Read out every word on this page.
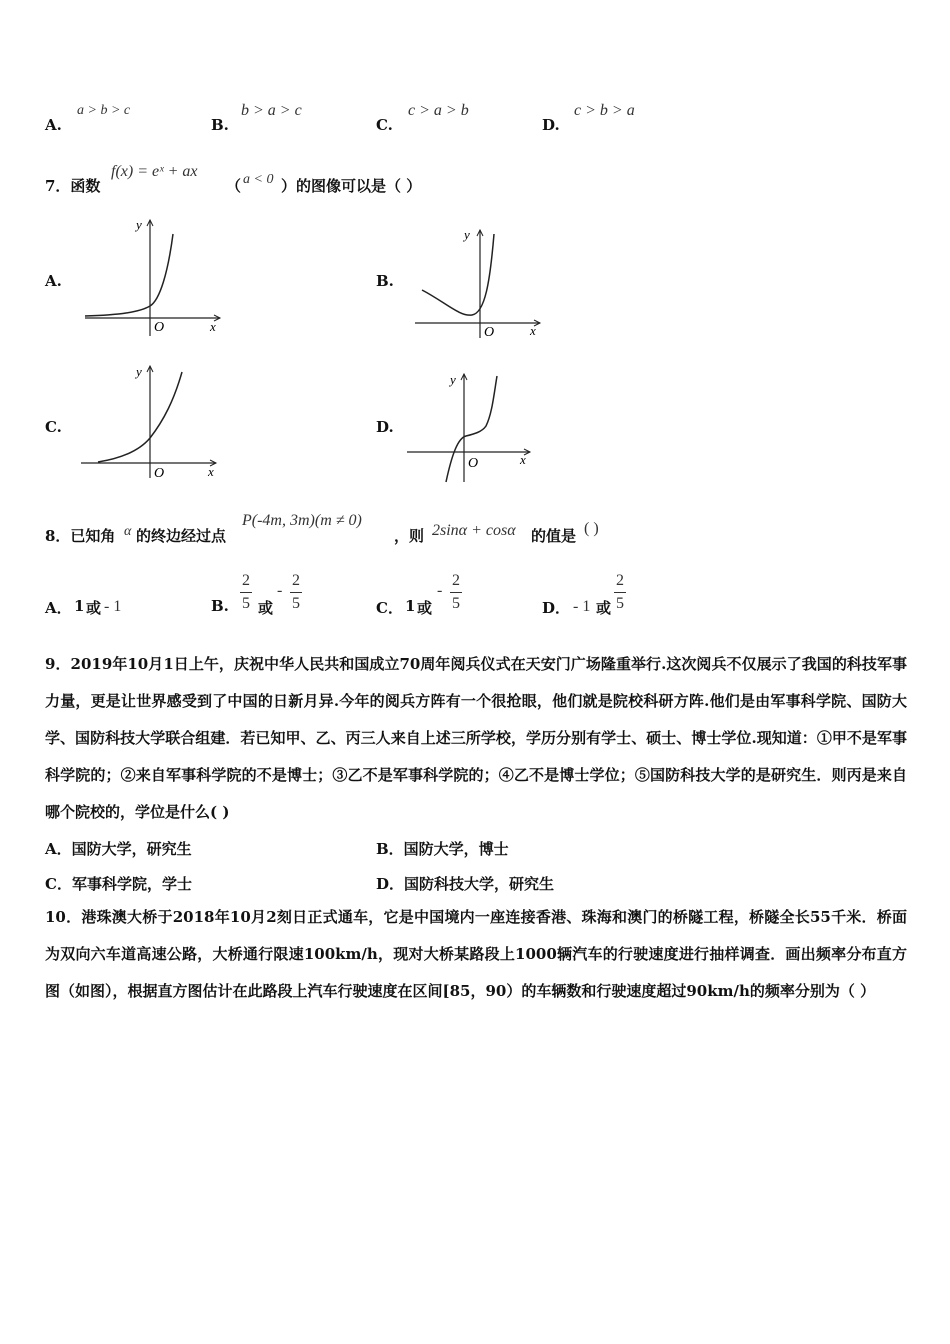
A.
a > b > c
B.
b > a > c
C.
c > a > b
D.
c > b > a
7．函数
f(x) = eˣ + ax
（ a < 0 ）的图像可以是（ ）
A.	B.
C.	D.
y
x
O
y
x
O
y
x
O
y
x
O
8．已知角 α 的终边经过点
P(-4m, 3m)(m ≠ 0)
，则 2sinα + cosα 的值是 ( )
A． 1 或 - 1	B.
2
5 或
-
2
5	C． 1 或
-
2
5	D． - 1 或
2
5
9．2019年10月1日上午，庆祝中华人民共和国成立70周年阅兵仪式在天安门广场隆重举行.这次阅兵不仅展示了我国的科技军事力量，更是让世界感受到了中国的日新月异.今年的阅兵方阵有一个很抢眼，他们就是院校科研方阵.他们是由军事科学院、国防大学、国防科技大学联合组建．若已知甲、乙、丙三人来自上述三所学校，学历分别有学士、硕士、博士学位.现知道：①甲不是军事科学院的；②来自军事科学院的不是博士；③乙不是军事科学院的；④乙不是博士学位；⑤国防科技大学的是研究生．则丙是来自哪个院校的，学位是什么( )
A．国防大学，研究生	B．国防大学，博士
C．军事科学院，学士	D．国防科技大学，研究生
10．港珠澳大桥于2018年10月2刻日正式通车，它是中国境内一座连接香港、珠海和澳门的桥隧工程，桥隧全长55千米．桥面为双向六车道高速公路，大桥通行限速100km/h，现对大桥某路段上1000辆汽车的行驶速度进行抽样调查．画出频率分布直方图（如图），根据直方图估计在此路段上汽车行驶速度在区间[85，90）的车辆数和行驶速度超过90km/h的频率分别为（ ）
